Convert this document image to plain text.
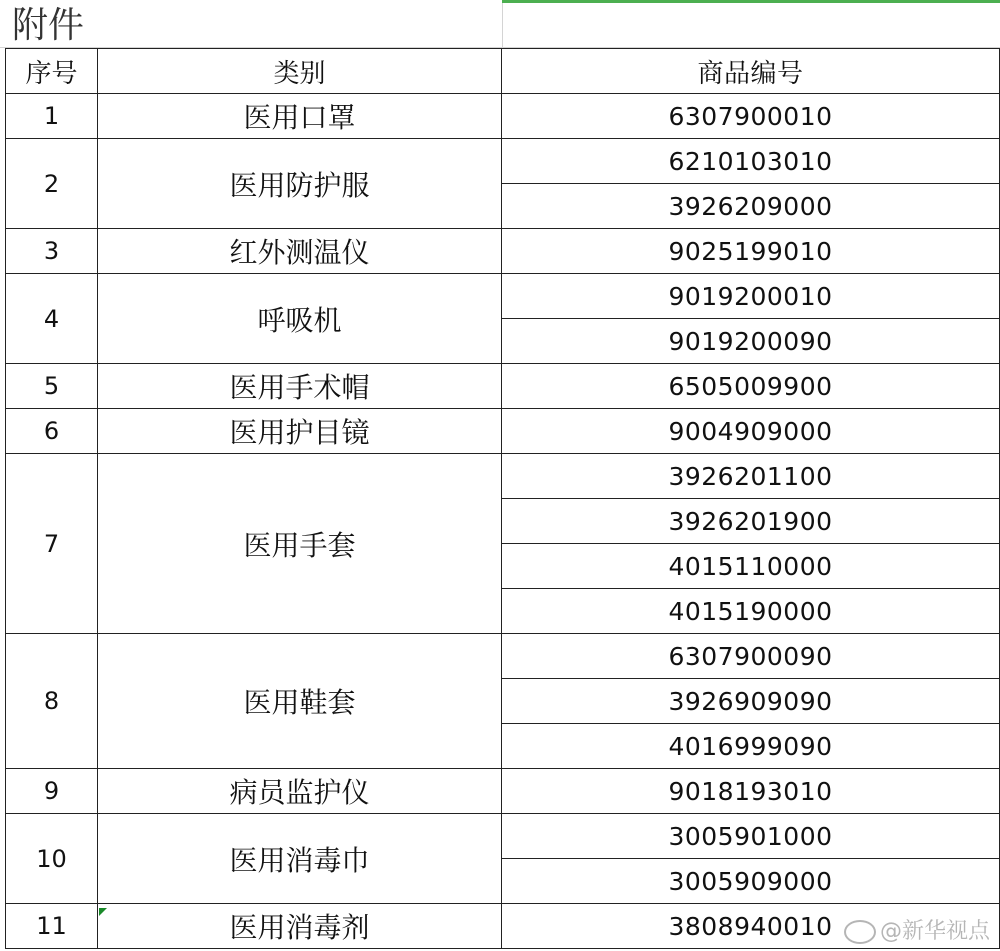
附件
序号	类别	商品编号
1	医用口罩	6307900010
2	医用防护服	6210103010
		3926209000
3	红外测温仪	9025199010
4	呼吸机	9019200010
		9019200090
5	医用手术帽	6505009900
6	医用护目镜	9004909000
7	医用手套	3926201100
		3926201900
		4015110000
		4015190000
8	医用鞋套	6307900090
		3926909090
		4016999090
9	病员监护仪	9018193010
10	医用消毒巾	3005901000
		3005909000
11	医用消毒剂	3808940010	@新华视点
